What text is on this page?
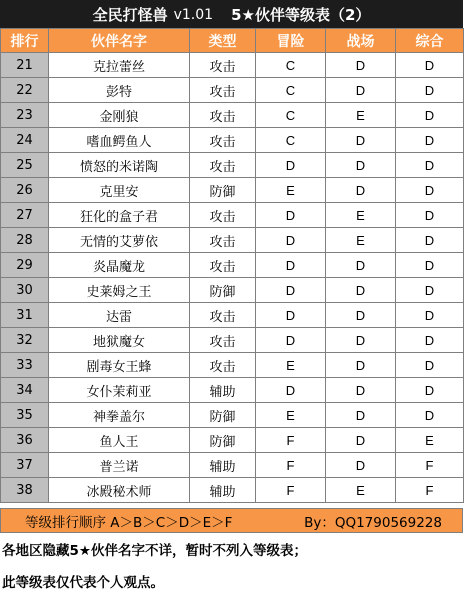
全民打怪兽 v1.01 5★伙伴等级表（2）
排行	伙伴名字	类型	冒险	战场	综合
21	克拉蕾丝	攻击	C	D	D
22	彭特	攻击	C	D	D
23	金刚狼	攻击	C	E	D
24	嗜血鳄鱼人	攻击	C	D	D
25	愤怒的米诺陶	攻击	D	D	D
26	克里安	防御	E	D	D
27	狂化的盒子君	攻击	D	E	D
28	无情的艾萝依	攻击	D	E	D
29	炎晶魔龙	攻击	D	D	D
30	史莱姆之王	防御	D	D	D
31	达雷	攻击	D	D	D
32	地狱魔女	攻击	D	D	D
33	剧毒女王蜂	攻击	E	D	D
34	女仆茉莉亚	辅助	D	D	D
35	神拳盖尔	防御	E	D	D
36	鱼人王	防御	F	D	E
37	普兰诺	辅助	F	D	F
38	冰殿秘术师	辅助	F	E	F
等级排行顺序 A＞B＞C＞D＞E＞F	By：QQ1790569228
各地区隐藏5★伙伴名字不详，暂时不列入等级表；
此等级表仅代表个人观点。
